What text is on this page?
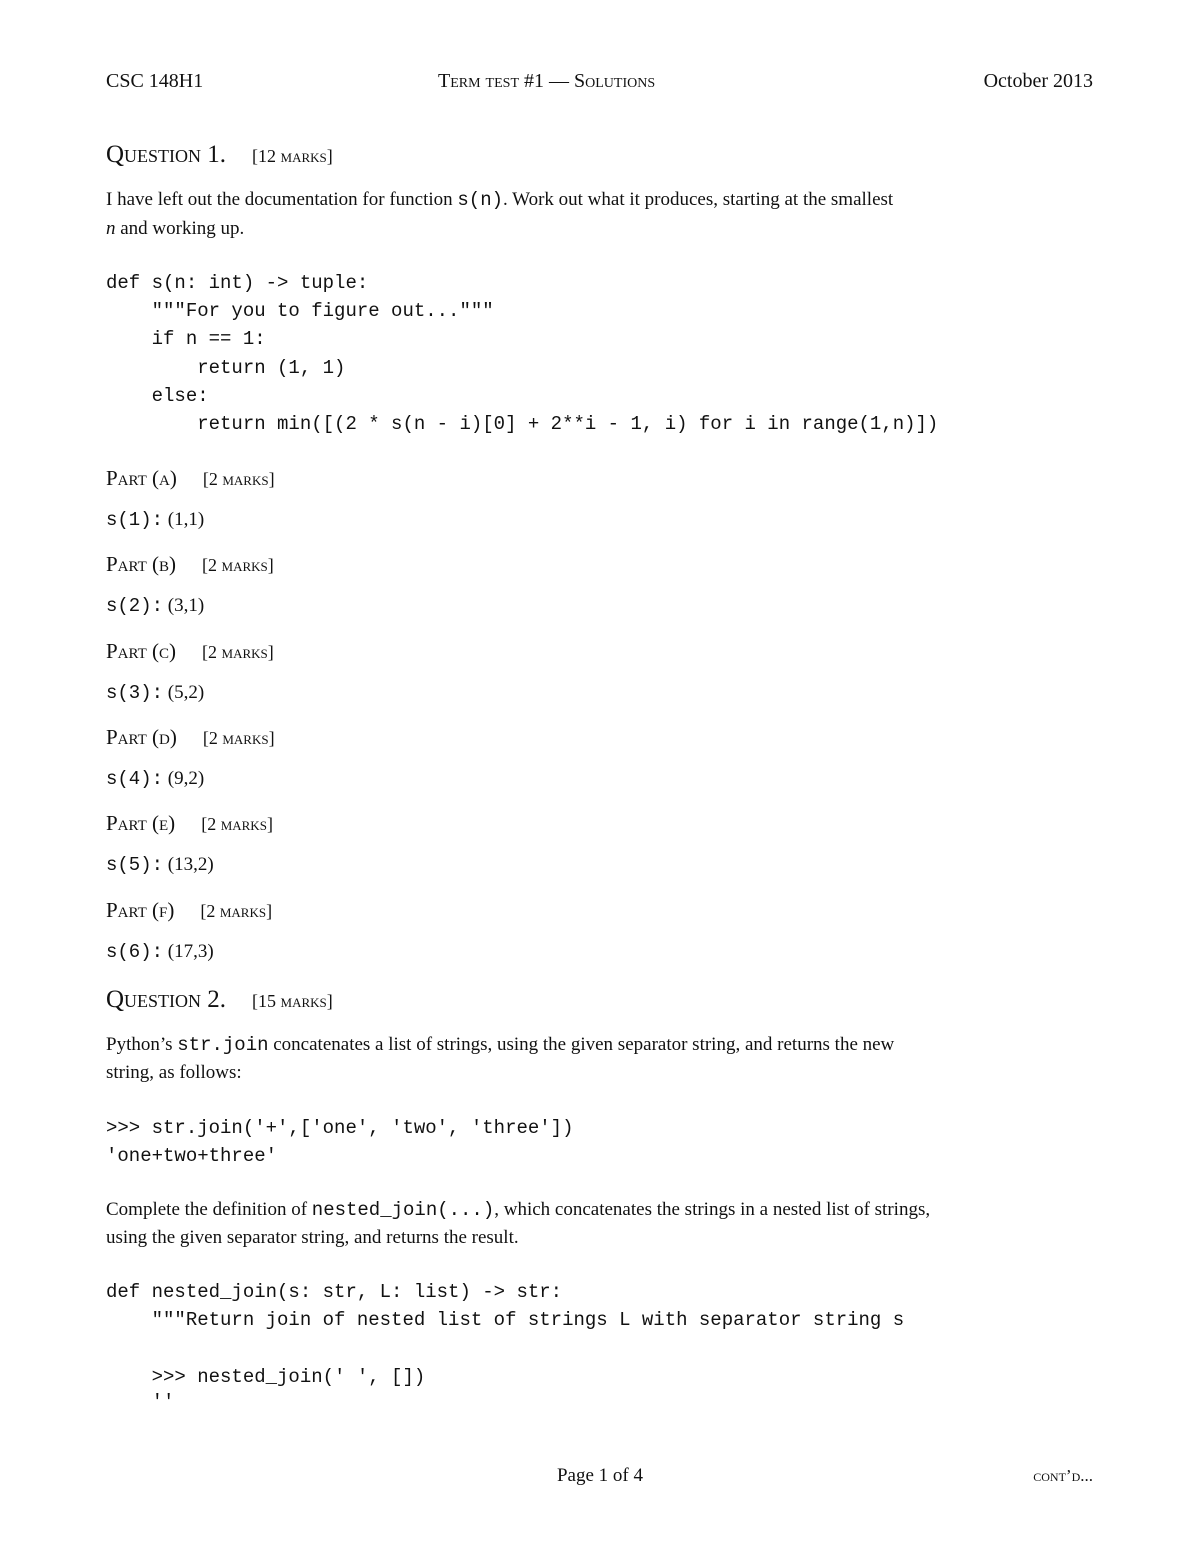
CSC 148H1	Term test #1 — Solutions	October 2013
Question 1. [ 12 marks ]
I have left out the documentation for function s(n). Work out what it produces, starting at the smallest
n and working up.
def s(n: int) -> tuple:
"""For you to figure out..."""
if n == 1:
return (1, 1)
else:
return min([(2 * s(n - i)[0] + 2**i - 1, i) for i in range(1,n)])
Part (a) [ 2 marks ]
s(1): (1,1)
Part (b) [ 2 marks ]
s(2): (3,1)
Part (c) [ 2 marks ]
s(3): (5,2)
Part (d) [ 2 marks ]
s(4): (9,2)
Part (e) [ 2 marks ]
s(5): (13,2)
Part (f) [ 2 marks ]
s(6): (17,3)
Question 2. [ 15 marks ]
Python’s str.join concatenates a list of strings, using the given separator string, and returns the new
string, as follows:
>>> str.join('+',['one', 'two', 'three'])
'one+two+three'
Complete the definition of nested_join(...), which concatenates the strings in a nested list of strings,
using the given separator string, and returns the result.
def nested_join(s: str, L: list) -> str:
"""Return join of nested list of strings L with separator string s
>>> nested_join(' ', [])
''
Page 1 of 4	cont’d...
